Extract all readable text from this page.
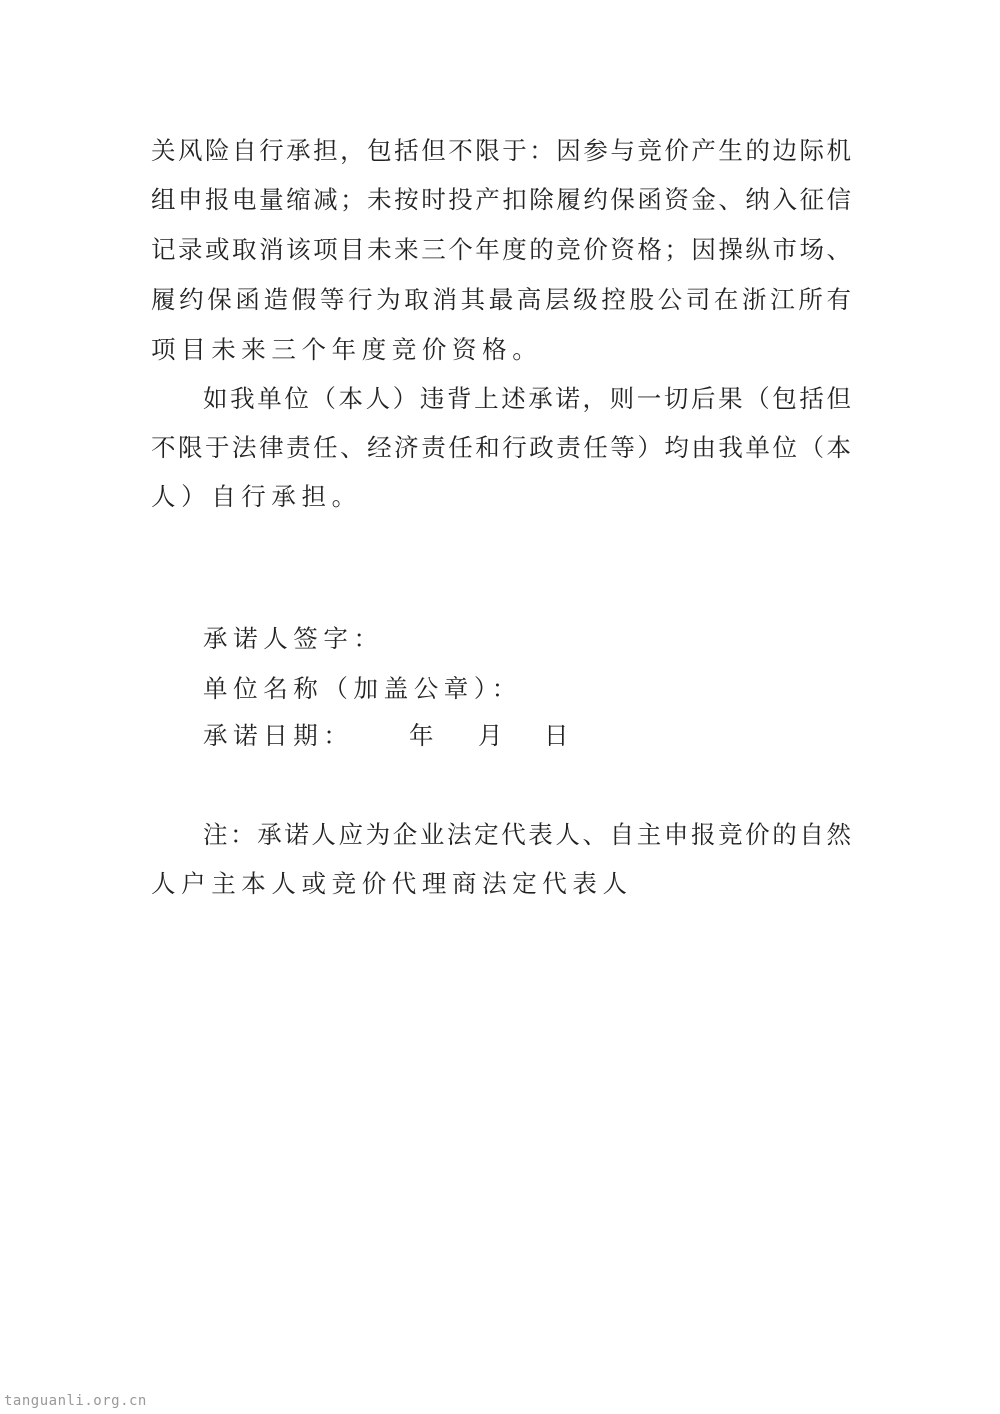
关风险自行承担，包括但不限于：因参与竞价产生的边际机
组申报电量缩减；未按时投产扣除履约保函资金、纳入征信
记录或取消该项目未来三个年度的竞价资格；因操纵市场、
履约保函造假等行为取消其最高层级控股公司在浙江所有
项目未来三个年度竞价资格。
如我单位（本人）违背上述承诺，则一切后果（包括但
不限于法律责任、经济责任和行政责任等）均由我单位（本
人）自行承担。
承诺人签字：
单位名称（加盖公章）：
承诺日期： 年 月 日
注：承诺人应为企业法定代表人、自主申报竞价的自然
人户主本人或竞价代理商法定代表人
tanguanli.org.cn
